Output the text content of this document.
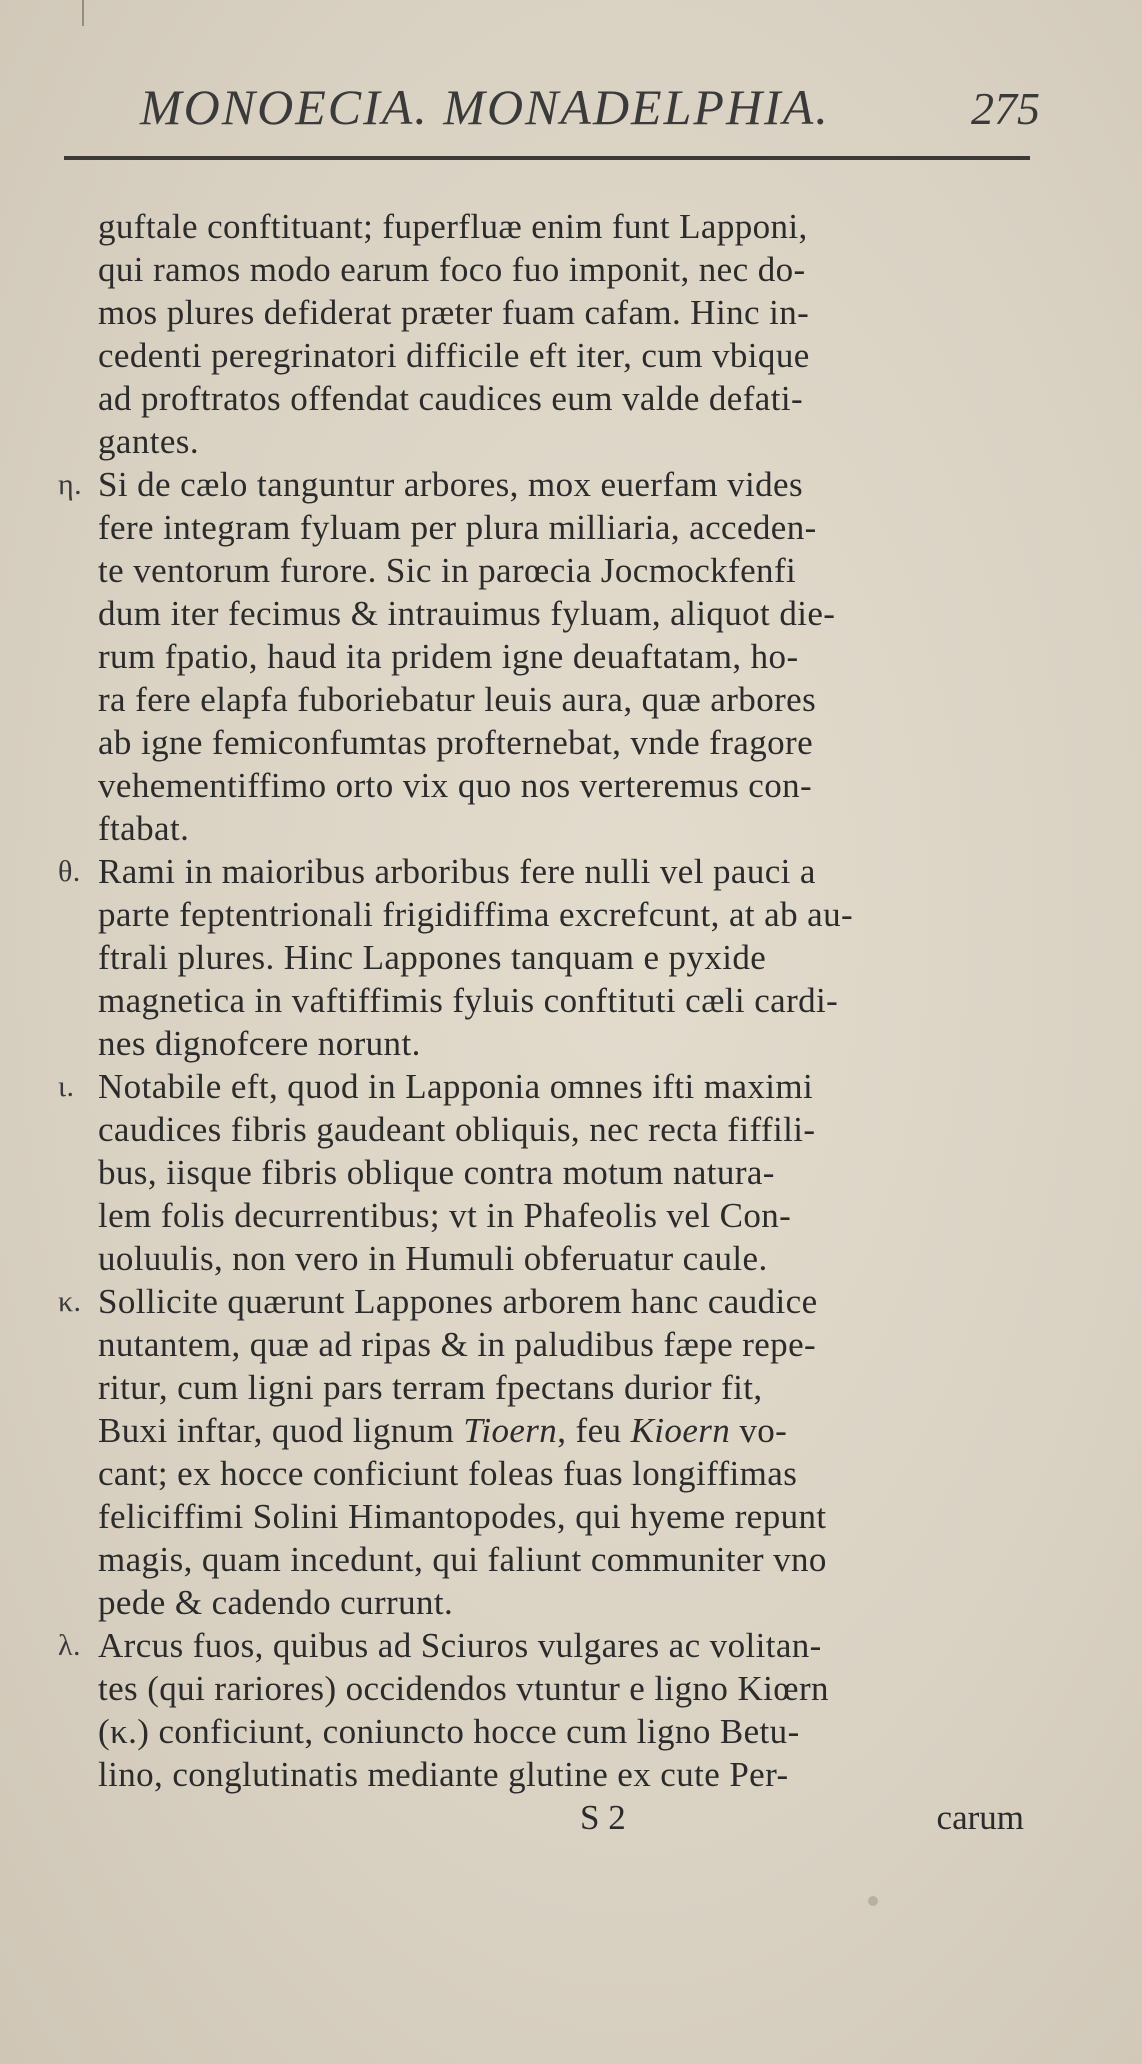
MONOECIA. MONADELPHIA.	275
guftale conftituant; fuperfluæ enim funt Lapponi,
qui ramos modo earum foco fuo imponit, nec do-
mos plures defiderat præter fuam cafam. Hinc in-
cedenti peregrinatori difficile eft iter, cum vbique
ad proftratos offendat caudices eum valde defati-
gantes.
η. Si de cælo tanguntur arbores, mox euerfam vides
fere integram fyluam per plura milliaria, acceden-
te ventorum furore. Sic in parœcia Jocmockfenfi
dum iter fecimus & intrauimus fyluam, aliquot die-
rum fpatio, haud ita pridem igne deuaftatam, ho-
ra fere elapfa fuboriebatur leuis aura, quæ arbores
ab igne femiconfumtas profternebat, vnde fragore
vehementiffimo orto vix quo nos verteremus con-
ftabat.
θ. Rami in maioribus arboribus fere nulli vel pauci a
parte feptentrionali frigidiffima excrefcunt, at ab au-
ftrali plures. Hinc Lappones tanquam e pyxide
magnetica in vaftiffimis fyluis conftituti cæli cardi-
nes dignofcere norunt.
ι. Notabile eft, quod in Lapponia omnes ifti maximi
caudices fibris gaudeant obliquis, nec recta fiffili-
bus, iisque fibris oblique contra motum natura-
lem folis decurrentibus; vt in Phafeolis vel Con-
uoluulis, non vero in Humuli obferuatur caule.
κ. Sollicite quærunt Lappones arborem hanc caudice
nutantem, quæ ad ripas & in paludibus fæpe repe-
ritur, cum ligni pars terram fpectans durior fit,
Buxi inftar, quod lignum Tioern, feu Kioern vo-
cant; ex hocce conficiunt foleas fuas longiffimas
feliciffimi Solini Himantopodes, qui hyeme repunt
magis, quam incedunt, qui faliunt communiter vno
pede & cadendo currunt.
λ. Arcus fuos, quibus ad Sciuros vulgares ac volitan-
tes (qui rariores) occidendos vtuntur e ligno Kiœrn
(κ.) conficiunt, coniuncto hocce cum ligno Betu-
lino, conglutinatis mediante glutine ex cute Per-
S 2	carum
